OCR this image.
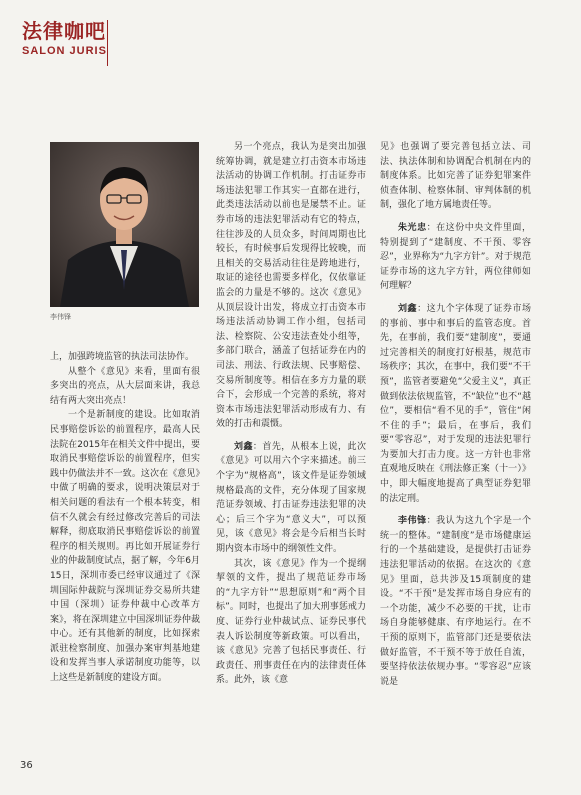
法律咖吧
SALON JURIS
李伟锋

上，加强跨境监管的执法司法协作。

从整个《意见》来看，里面有很多突出的亮点，从大层面来讲，我总结有两大突出亮点！

一个是新制度的建设。比如取消民事赔偿诉讼的前置程序，最高人民法院在2015年在相关文件中提出，要取消民事赔偿诉讼的前置程序，但实践中仍做法并不一致。这次在《意见》中做了明确的要求，说明决策层对于相关问题的看法有一个根本转变，相信不久就会有经过修改完善后的司法解释，彻底取消民事赔偿诉讼的前置程序的相关规则。再比如开展证券行业的仲裁制度试点，据了解，今年6月15日，深圳市委已经审议通过了《深圳国际仲裁院与深圳证券交易所共建中国（深圳）证券仲裁中心改革方案》，将在深圳建立中国深圳证券仲裁中心。还有其他新的制度，比如探索派驻检察制度、加强办案审判基地建设和发挥当事人承诺制度功能等，以上这些是新制度的建设方面。

另一个亮点，我认为是突出加强统筹协调，就是建立打击资本市场违法活动的协调工作机制。打击证券市场违法犯罪工作其实一直都在进行，此类违法活动以前也是屡禁不止。证券市场的违法犯罪活动有它的特点，往往涉及的人员众多，时间周期也比较长，有时候事后发现得比较晚，而且相关的交易活动往往是跨地进行，取证的途径也需要多样化，仅依靠证监会的力量是不够的。这次《意见》从顶层设计出发，将成立打击资本市场违法活动协调工作小组，包括司法、检察院、公安违法查处小组等，多部门联合，涵盖了包括证券在内的司法、刑法、行政法规、民事赔偿、交易所制度等。相信在多方力量的联合下，会形成一个完善的系统，将对资本市场违法犯罪活动形成有力、有效的打击和震慑。

刘鑫：首先，从根本上说，此次《意见》可以用六个字来描述。前三个字为“规格高”，该文件是证券领域规格最高的文件，充分体现了国家规范证券领域、打击证券违法犯罪的决心；后三个字为“意义大”，可以预见，该《意见》将会是今后相当长时期内资本市场中的纲领性文件。

其次，该《意见》作为一个提纲挈领的文件，提出了规范证券市场的“九字方针”“思想原则”和“两个目标”。同时，也提出了加大刑事惩戒力度、证券行业仲裁试点、证券民事代表人诉讼制度等新政策。可以看出，该《意见》完善了包括民事责任、行政责任、刑事责任在内的法律责任体系。此外，该《意

见》也强调了要完善包括立法、司法、执法体制和协调配合机制在内的制度体系。比如完善了证券犯罪案件侦查体制、检察体制、审判体制的机制，强化了地方属地责任等。

朱光忠：在这份中央文件里面，特别提到了“建制度、不干预、零容忍”，业界称为“九字方针”。对于规范证券市场的这九字方针，两位律师如何理解？

刘鑫：这九个字体现了证券市场的事前、事中和事后的监管态度。首先，在事前，我们要“建制度”，要通过完善相关的制度打好根基，规范市场秩序；其次，在事中，我们要“不干预”，监管者要避免“父爱主义”，真正做到依法依规监管，不“缺位”也不“越位”，要相信“看不见的手”，管住“闲不住的手”；最后，在事后，我们要“零容忍”，对于发现的违法犯罪行为要加大打击力度。这一方针也非常直观地反映在《刑法修正案（十一）》中，即大幅度地提高了典型证券犯罪的法定刑。

李伟锋：我认为这九个字是一个统一的整体。“建制度”是市场健康运行的一个基础建设，是提供打击证券违法犯罪活动的依据。在这次的《意见》里面，总共涉及15项制度的建设。“不干预”是发挥市场自身应有的一个功能，减少不必要的干扰，让市场自身能够健康、有序地运行。在不干预的原则下，监管部门还是要依法做好监管，不干预不等于放任自流，要坚持依法依规办事。“零容忍”应该说是

36
